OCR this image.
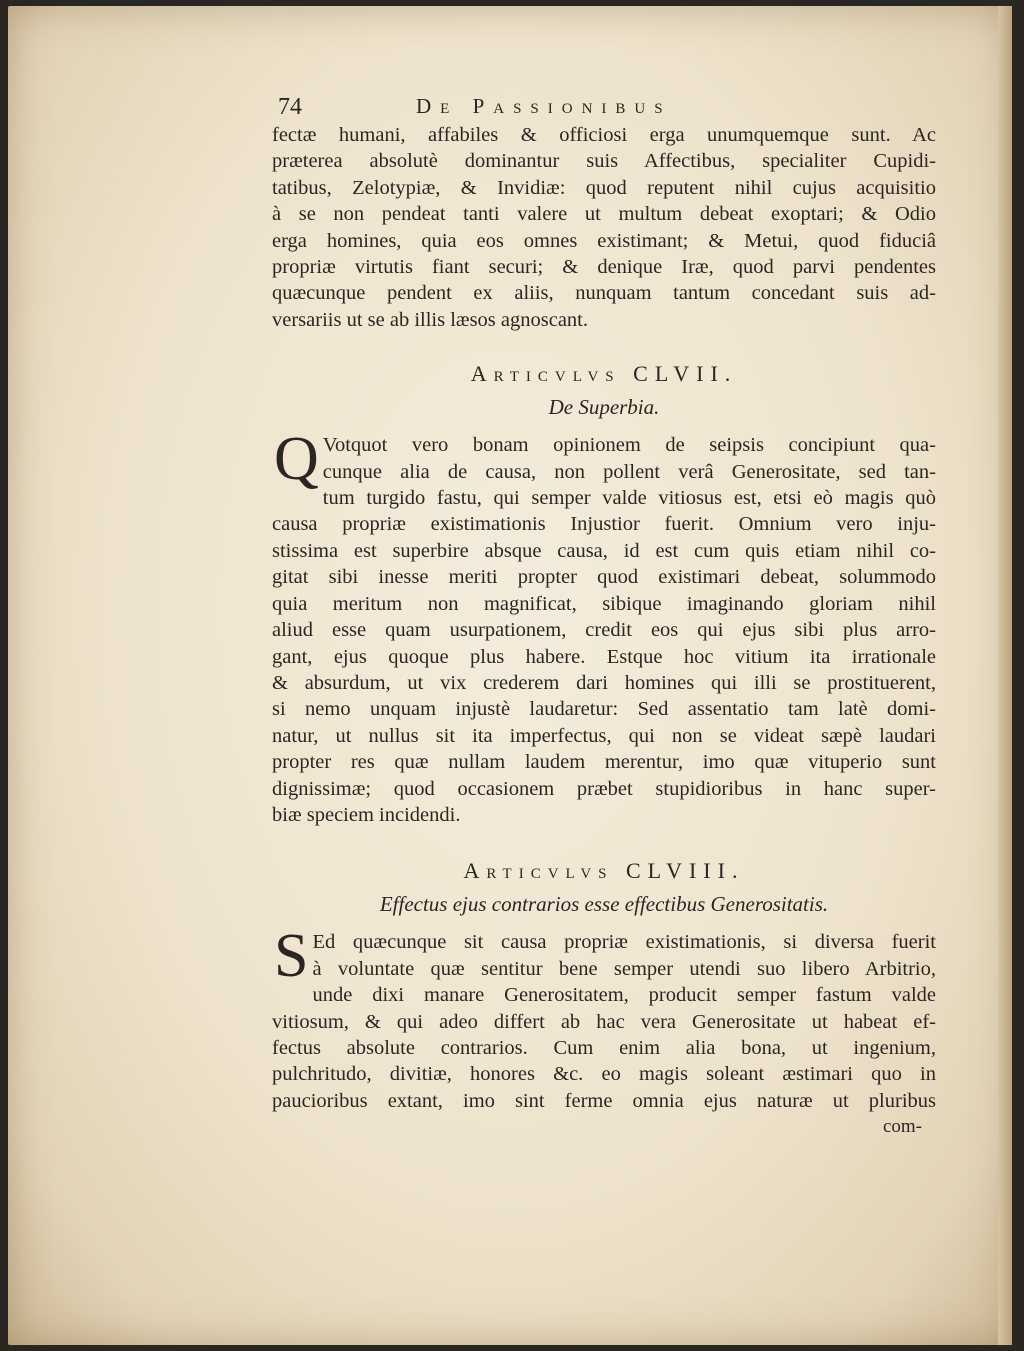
74	De Passionibus
fectæ humani, affabiles & officiosi erga unumquemque sunt. Ac
præterea absolutè dominantur suis Affectibus, specialiter Cupidi-
tatibus, Zelotypiæ, & Invidiæ: quod reputent nihil cujus acquisitio
à se non pendeat tanti valere ut multum debeat exoptari; & Odio
erga homines, quia eos omnes existimant; & Metui, quod fiduciâ
propriæ virtutis fiant securi; & denique Iræ, quod parvi pendentes
quæcunque pendent ex aliis, nunquam tantum concedant suis ad-
versariis ut se ab illis læsos agnoscant.

Articvlvs CLVII.

De Superbia.

Q Votquot vero bonam opinionem de seipsis concipiunt qua-
cunque alia de causa, non pollent verâ Generositate, sed tan-
tum turgido fastu, qui semper valde vitiosus est, etsi eò magis quò
causa propriæ existimationis Injustior fuerit. Omnium vero inju-
stissima est superbire absque causa, id est cum quis etiam nihil co-
gitat sibi inesse meriti propter quod existimari debeat, solummodo
quia meritum non magnificat, sibique imaginando gloriam nihil
aliud esse quam usurpationem, credit eos qui ejus sibi plus arro-
gant, ejus quoque plus habere. Estque hoc vitium ita irrationale
& absurdum, ut vix crederem dari homines qui illi se prostituerent,
si nemo unquam injustè laudaretur: Sed assentatio tam latè domi-
natur, ut nullus sit ita imperfectus, qui non se videat sæpè laudari
propter res quæ nullam laudem merentur, imo quæ vituperio sunt
dignissimæ; quod occasionem præbet stupidioribus in hanc super-
biæ speciem incidendi.

Articvlvs CLVIII.

Effectus ejus contrarios esse effectibus Generositatis.

S Ed quæcunque sit causa propriæ existimationis, si diversa fuerit
à voluntate quæ sentitur bene semper utendi suo libero Arbitrio,
unde dixi manare Generositatem, producit semper fastum valde
vitiosum, & qui adeo differt ab hac vera Generositate ut habeat ef-
fectus absolute contrarios. Cum enim alia bona, ut ingenium,
pulchritudo, divitiæ, honores &c. eo magis soleant æstimari quo in
paucioribus extant, imo sint ferme omnia ejus naturæ ut pluribus
com-
